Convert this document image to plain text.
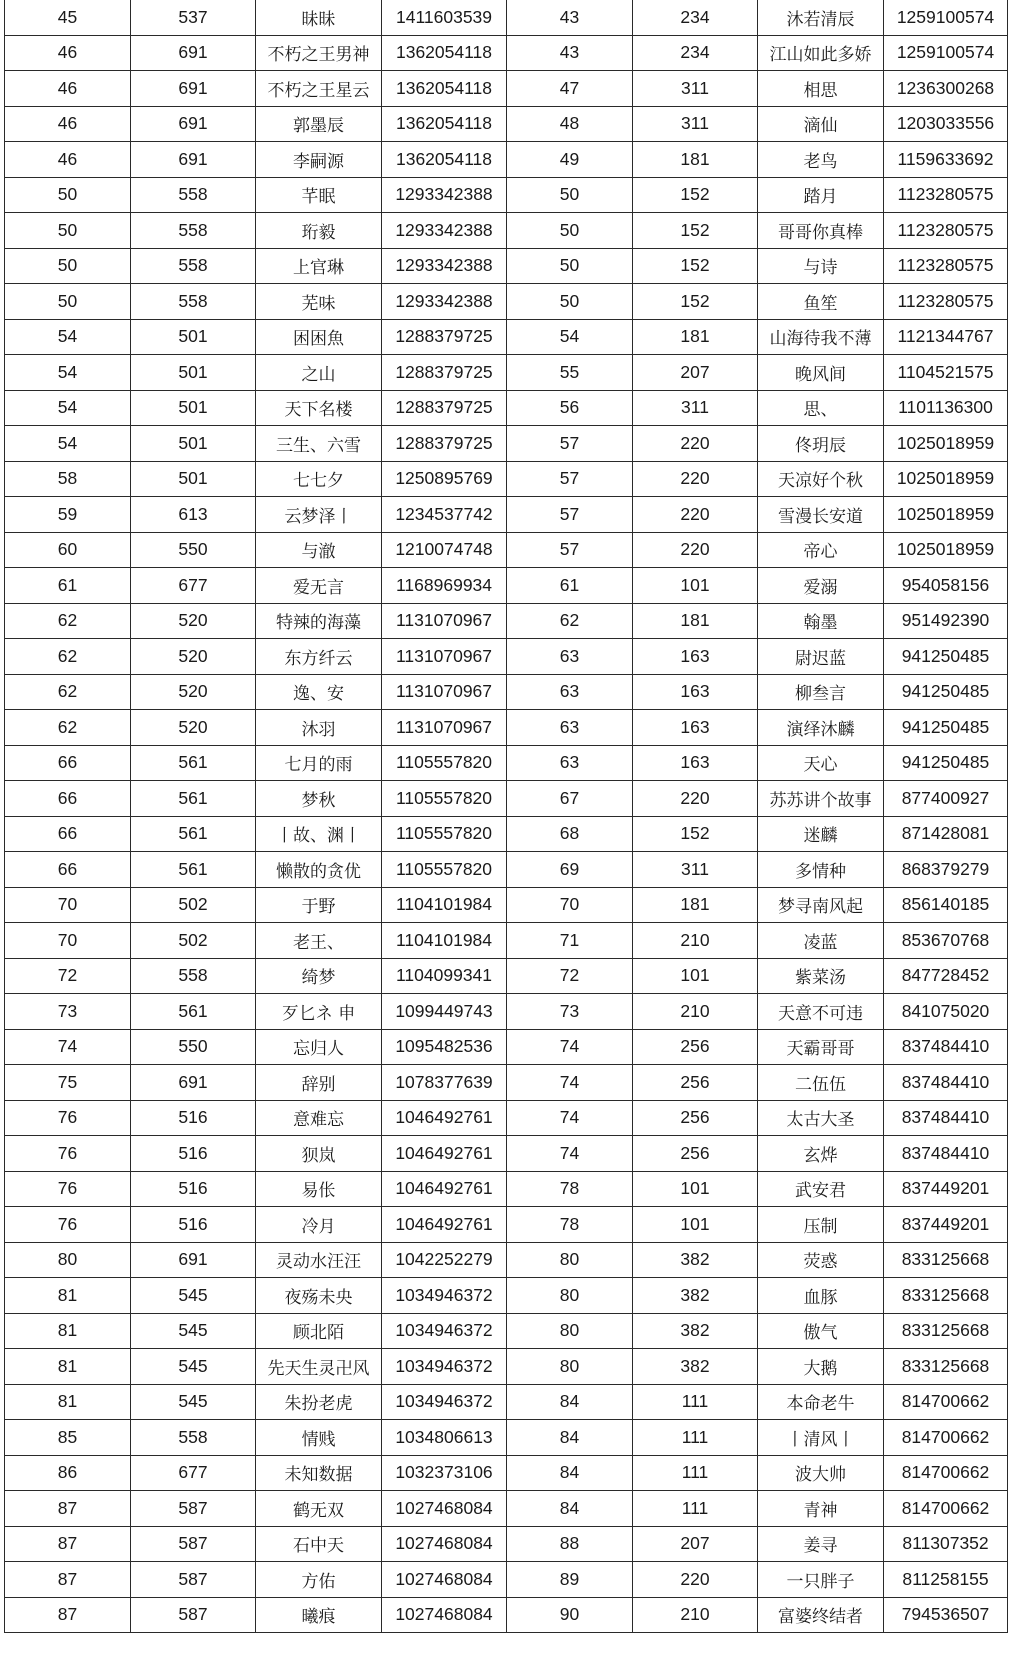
45	537	昧昧	1411603539	43	234	沐若清辰	1259100574
46	691	不朽之王男神	1362054118	43	234	江山如此多娇	1259100574
46	691	不朽之王星云	1362054118	47	311	相思	1236300268
46	691	郭墨辰	1362054118	48	311	滴仙	1203033556
46	691	李嗣源	1362054118	49	181	老鸟	1159633692
50	558	芊眠	1293342388	50	152	踏月	1123280575
50	558	珩毅	1293342388	50	152	哥哥你真棒	1123280575
50	558	上官琳	1293342388	50	152	与诗	1123280575
50	558	芜味	1293342388	50	152	鱼笙	1123280575
54	501	困困魚	1288379725	54	181	山海待我不薄	1121344767
54	501	之山	1288379725	55	207	晚风间	1104521575
54	501	天下名楼	1288379725	56	311	思、	1101136300
54	501	三生、六雪	1288379725	57	220	佟玥辰	1025018959
58	501	七七夕	1250895769	57	220	天凉好个秋	1025018959
59	613	云梦泽丨	1234537742	57	220	雪漫长安道	1025018959
60	550	与澈	1210074748	57	220	帝心	1025018959
61	677	爱无言	1168969934	61	101	爱溺	954058156
62	520	特辣的海藻	1131070967	62	181	翰墨	951492390
62	520	东方纤云	1131070967	63	163	尉迟蓝	941250485
62	520	逸、安	1131070967	63	163	柳叁言	941250485
62	520	沐羽	1131070967	63	163	演绎沐麟	941250485
66	561	七月的雨	1105557820	63	163	天心	941250485
66	561	梦秋	1105557820	67	220	苏苏讲个故事	877400927
66	561	丨故、渊丨	1105557820	68	152	迷麟	871428081
66	561	懒散的贪优	1105557820	69	311	多情种	868379279
70	502	于野	1104101984	70	181	梦寻南风起	856140185
70	502	老王、	1104101984	71	210	凌蓝	853670768
72	558	绮梦	1104099341	72	101	紫菜汤	847728452
73	561	歹匕ネ 申	1099449743	73	210	天意不可违	841075020
74	550	忘归人	1095482536	74	256	天霸哥哥	837484410
75	691	辞别	1078377639	74	256	二伍伍	837484410
76	516	意难忘	1046492761	74	256	太古大圣	837484410
76	516	狈岚	1046492761	74	256	玄烨	837484410
76	516	易伥	1046492761	78	101	武安君	837449201
76	516	冷月	1046492761	78	101	压制	837449201
80	691	灵动水汪汪	1042252279	80	382	荧惑	833125668
81	545	夜殇未央	1034946372	80	382	血豚	833125668
81	545	顾北陌	1034946372	80	382	傲气	833125668
81	545	先天生灵卍风	1034946372	80	382	大鹅	833125668
81	545	朱扮老虎	1034946372	84	111	本命老牛	814700662
85	558	情贱	1034806613	84	111	丨清风丨	814700662
86	677	未知数据	1032373106	84	111	波大帅	814700662
87	587	鹤无双	1027468084	84	111	青神	814700662
87	587	石中天	1027468084	88	207	姜寻	811307352
87	587	方佑	1027468084	89	220	一只胖子	811258155
87	587	曦痕	1027468084	90	210	富婆终结者	794536507
